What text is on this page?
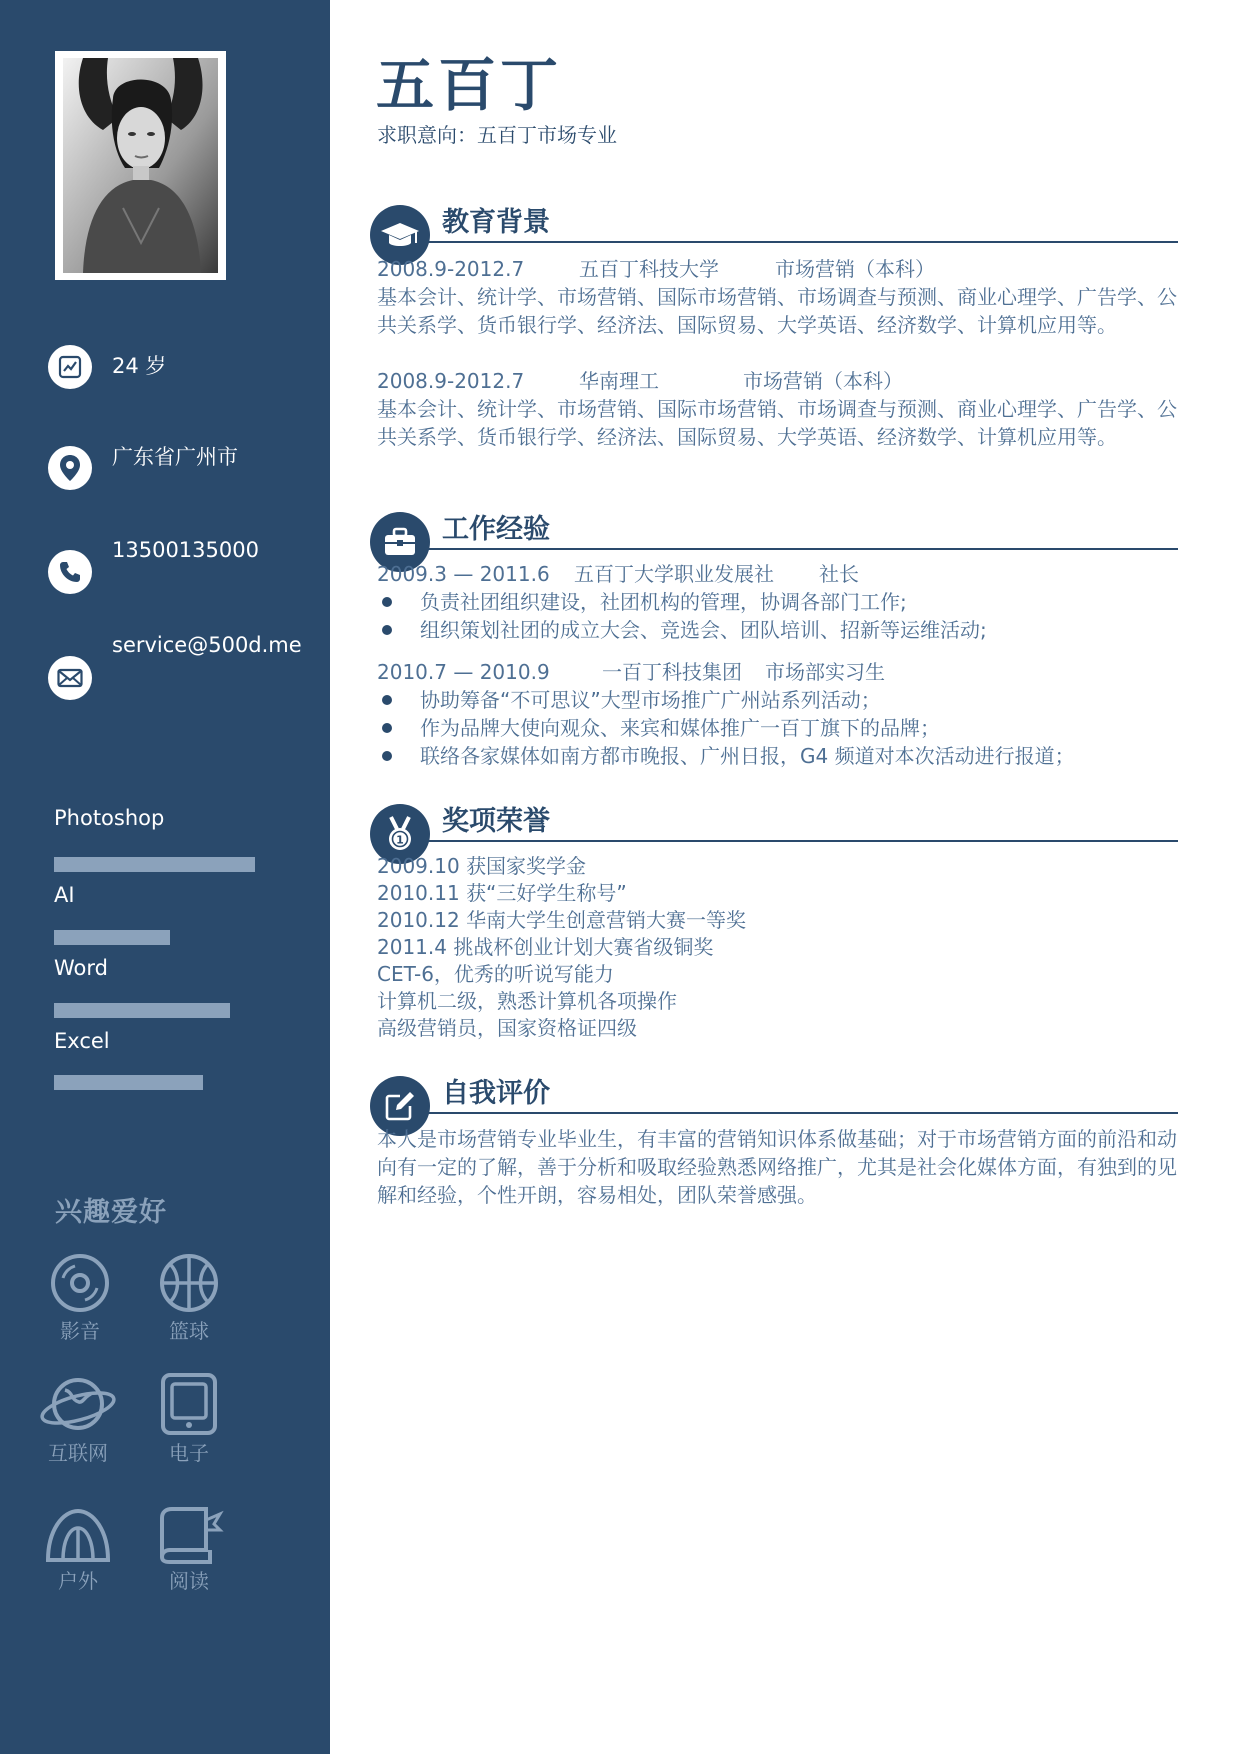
24 岁
广东省广州市
13500135000
service@500d.me
Photoshop
AI
Word
Excel
兴趣爱好
影音	篮球
互联网	电子
户外	阅读
五百丁
求职意向：五百丁市场专业
教育背景
2008.9-2012.7	五百丁科技大学	市场营销（本科）
基本会计、统计学、市场营销、国际市场营销、市场调查与预测、商业心理学、广告学、公共关系学、货币银行学、经济法、国际贸易、大学英语、经济数学、计算机应用等。
2008.9-2012.7	华南理工	市场营销（本科）
基本会计、统计学、市场营销、国际市场营销、市场调查与预测、商业心理学、广告学、公共关系学、货币银行学、经济法、国际贸易、大学英语、经济数学、计算机应用等。
工作经验
2009.3 — 2011.6 五百丁大学职业发展社 社长
负责社团组织建设，社团机构的管理，协调各部门工作;
组织策划社团的成立大会、竞选会、团队培训、招新等运维活动;
2010.7 — 2010.9	一百丁科技集团 市场部实习生
协助筹备“不可思议”大型市场推广广州站系列活动；
作为品牌大使向观众、来宾和媒体推广一百丁旗下的品牌；
联络各家媒体如南方都市晚报、广州日报，G4 频道对本次活动进行报道；
1
奖项荣誉
2009.10 获国家奖学金
2010.11 获“三好学生称号”
2010.12 华南大学生创意营销大赛一等奖
2011.4 挑战杯创业计划大赛省级铜奖
CET-6，优秀的听说写能力
计算机二级，熟悉计算机各项操作
高级营销员，国家资格证四级
自我评价
本人是市场营销专业毕业生，有丰富的营销知识体系做基础；对于市场营销方面的前沿和动向有一定的了解，善于分析和吸取经验熟悉网络推广，尤其是社会化媒体方面，有独到的见解和经验，个性开朗，容易相处，团队荣誉感强。
